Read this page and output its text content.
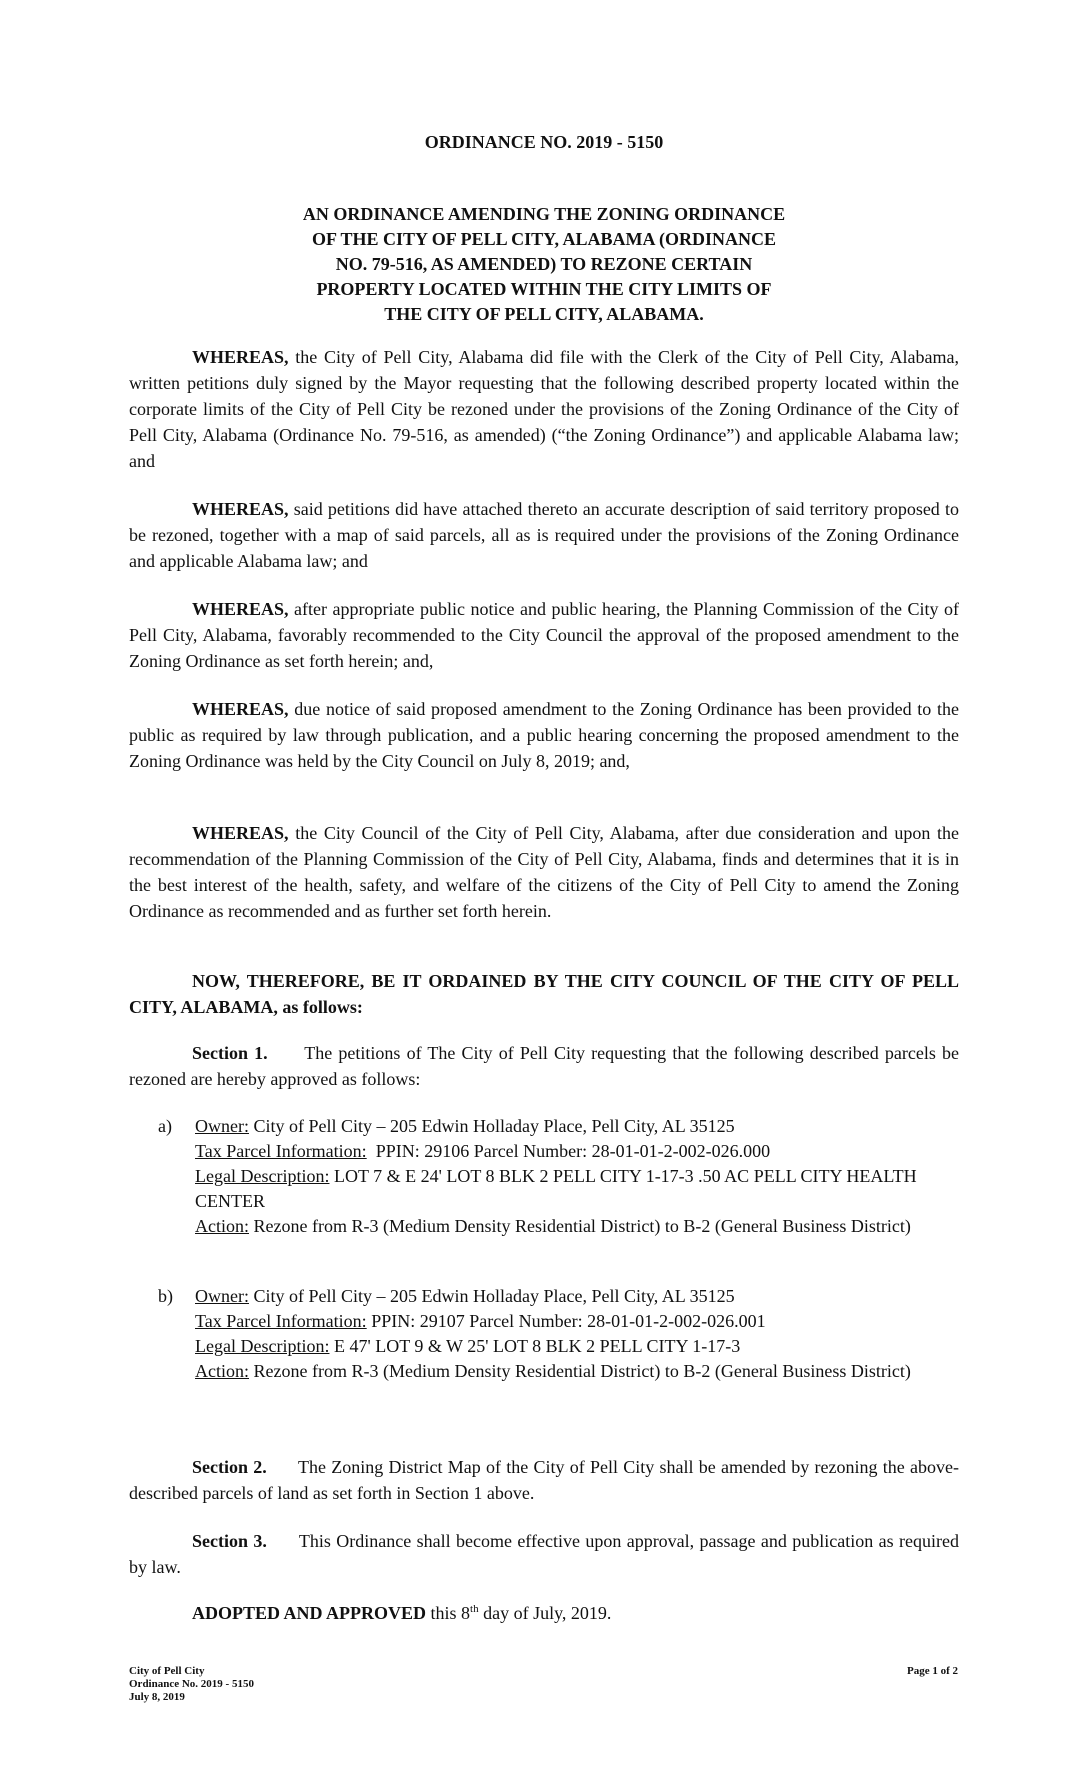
ORDINANCE NO. 2019 - 5150
AN ORDINANCE AMENDING THE ZONING ORDINANCE
OF THE CITY OF PELL CITY, ALABAMA (ORDINANCE
NO. 79-516, AS AMENDED) TO REZONE CERTAIN
PROPERTY LOCATED WITHIN THE CITY LIMITS OF
THE CITY OF PELL CITY, ALABAMA.
WHEREAS, the City of Pell City, Alabama did file with the Clerk of the City of Pell City, Alabama, written petitions duly signed by the Mayor requesting that the following described property located within the corporate limits of the City of Pell City be rezoned under the provisions of the Zoning Ordinance of the City of Pell City, Alabama (Ordinance No. 79-516, as amended) (“the Zoning Ordinance”) and applicable Alabama law; and
WHEREAS, said petitions did have attached thereto an accurate description of said territory proposed to be rezoned, together with a map of said parcels, all as is required under the provisions of the Zoning Ordinance and applicable Alabama law; and
WHEREAS, after appropriate public notice and public hearing, the Planning Commission of the City of Pell City, Alabama, favorably recommended to the City Council the approval of the proposed amendment to the Zoning Ordinance as set forth herein; and,
WHEREAS, due notice of said proposed amendment to the Zoning Ordinance has been provided to the public as required by law through publication, and a public hearing concerning the proposed amendment to the Zoning Ordinance was held by the City Council on July 8, 2019; and,
WHEREAS, the City Council of the City of Pell City, Alabama, after due consideration and upon the recommendation of the Planning Commission of the City of Pell City, Alabama, finds and determines that it is in the best interest of the health, safety, and welfare of the citizens of the City of Pell City to amend the Zoning Ordinance as recommended and as further set forth herein.
NOW, THEREFORE, BE IT ORDAINED BY THE CITY COUNCIL OF THE CITY OF PELL CITY, ALABAMA, as follows:
Section 1. The petitions of The City of Pell City requesting that the following described parcels be rezoned are hereby approved as follows:
a)	Owner: City of Pell City – 205 Edwin Holladay Place, Pell City, AL 35125
Tax Parcel Information: PPIN: 29106 Parcel Number: 28-01-01-2-002-026.000
Legal Description: LOT 7 & E 24' LOT 8 BLK 2 PELL CITY 1-17-3 .50 AC PELL CITY HEALTH CENTER
Action: Rezone from R-3 (Medium Density Residential District) to B-2 (General Business District)
b)	Owner: City of Pell City – 205 Edwin Holladay Place, Pell City, AL 35125
Tax Parcel Information: PPIN: 29107 Parcel Number: 28-01-01-2-002-026.001
Legal Description: E 47' LOT 9 & W 25' LOT 8 BLK 2 PELL CITY 1-17-3
Action: Rezone from R-3 (Medium Density Residential District) to B-2 (General Business District)
Section 2. The Zoning District Map of the City of Pell City shall be amended by rezoning the above-described parcels of land as set forth in Section 1 above.
Section 3. This Ordinance shall become effective upon approval, passage and publication as required by law.
ADOPTED AND APPROVED this 8th day of July, 2019.
City of Pell City
Ordinance No. 2019 - 5150
July 8, 2019
Page 1 of 2
